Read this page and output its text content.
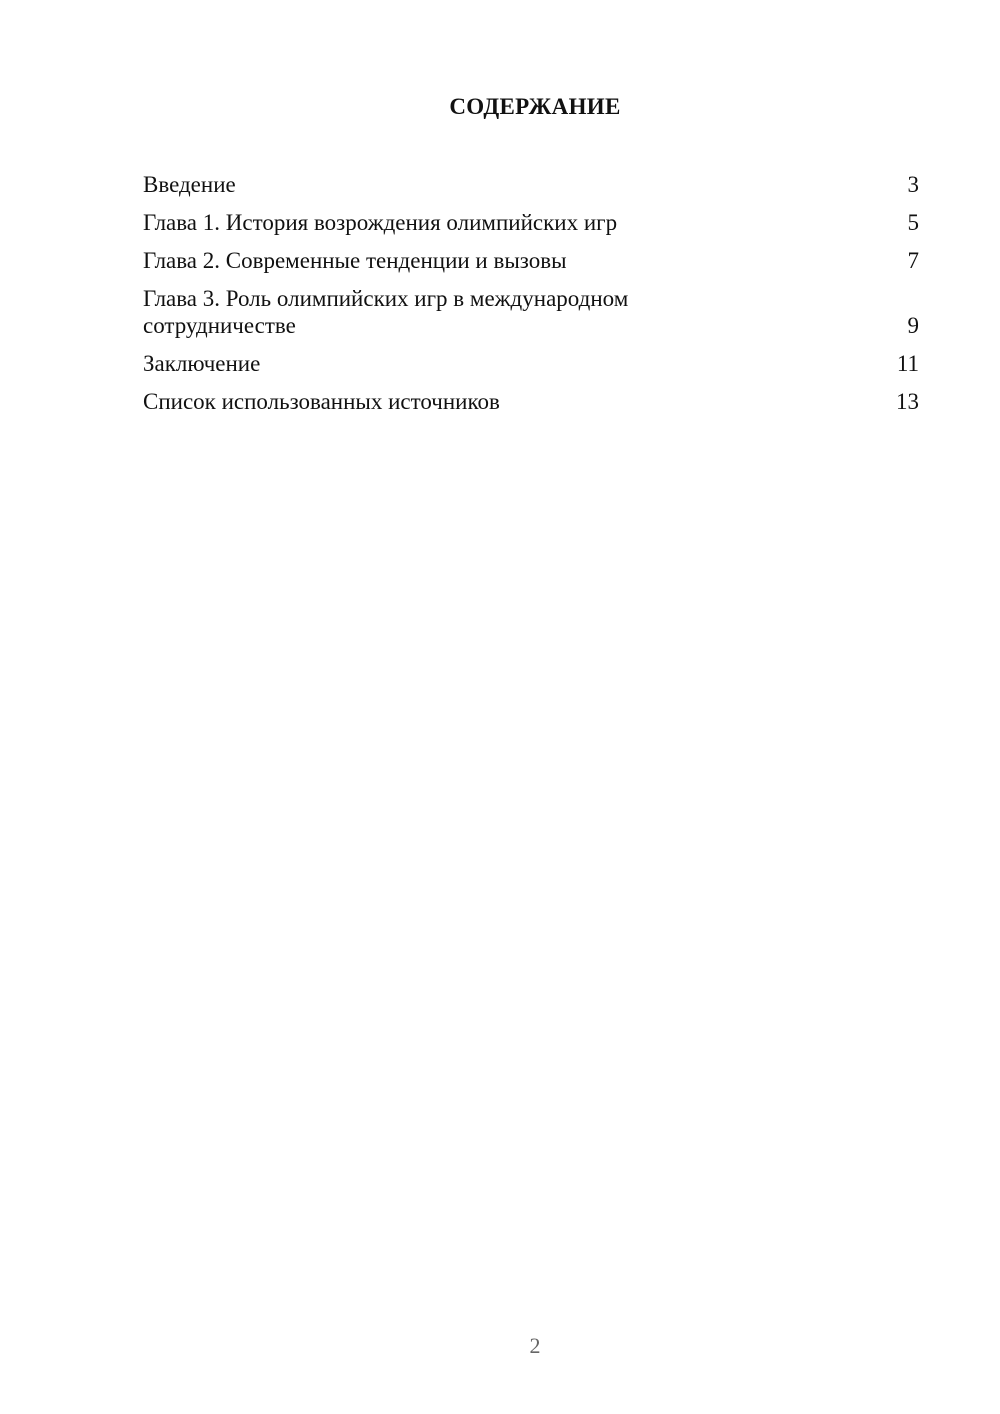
СОДЕРЖАНИЕ
Введение	3
Глава 1. История возрождения олимпийских игр	5
Глава 2. Современные тенденции и вызовы	7
Глава 3. Роль олимпийских игр в международном сотрудничестве	9
Заключение	11
Список использованных источников	13
2
